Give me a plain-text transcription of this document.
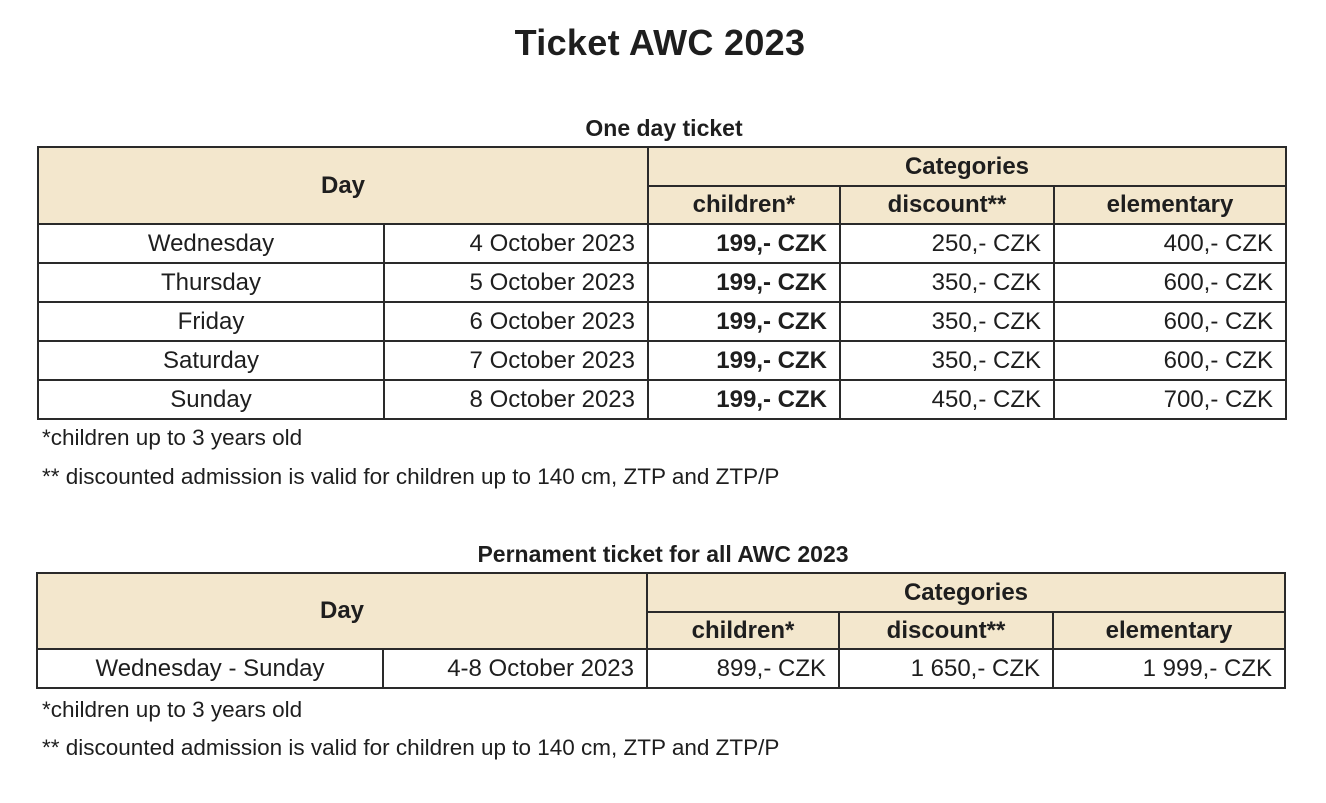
Ticket AWC 2023
One day ticket
Day		Categories		
		children*	discount**	elementary
Wednesday	4 October 2023	199,- CZK	250,- CZK	400,- CZK
Thursday	5 October 2023	199,- CZK	350,- CZK	600,- CZK
Friday	6 October 2023	199,- CZK	350,- CZK	600,- CZK
Saturday	7 October 2023	199,- CZK	350,- CZK	600,- CZK
Sunday	8 October 2023	199,- CZK	450,- CZK	700,- CZK
*children up to 3 years old
** discounted admission is valid for children up to 140 cm, ZTP and ZTP/P
Pernament ticket for all AWC 2023
Day		Categories		
		children*	discount**	elementary
Wednesday - Sunday	4-8 October 2023	899,- CZK	1 650,- CZK	1 999,- CZK
*children up to 3 years old
** discounted admission is valid for children up to 140 cm, ZTP and ZTP/P
